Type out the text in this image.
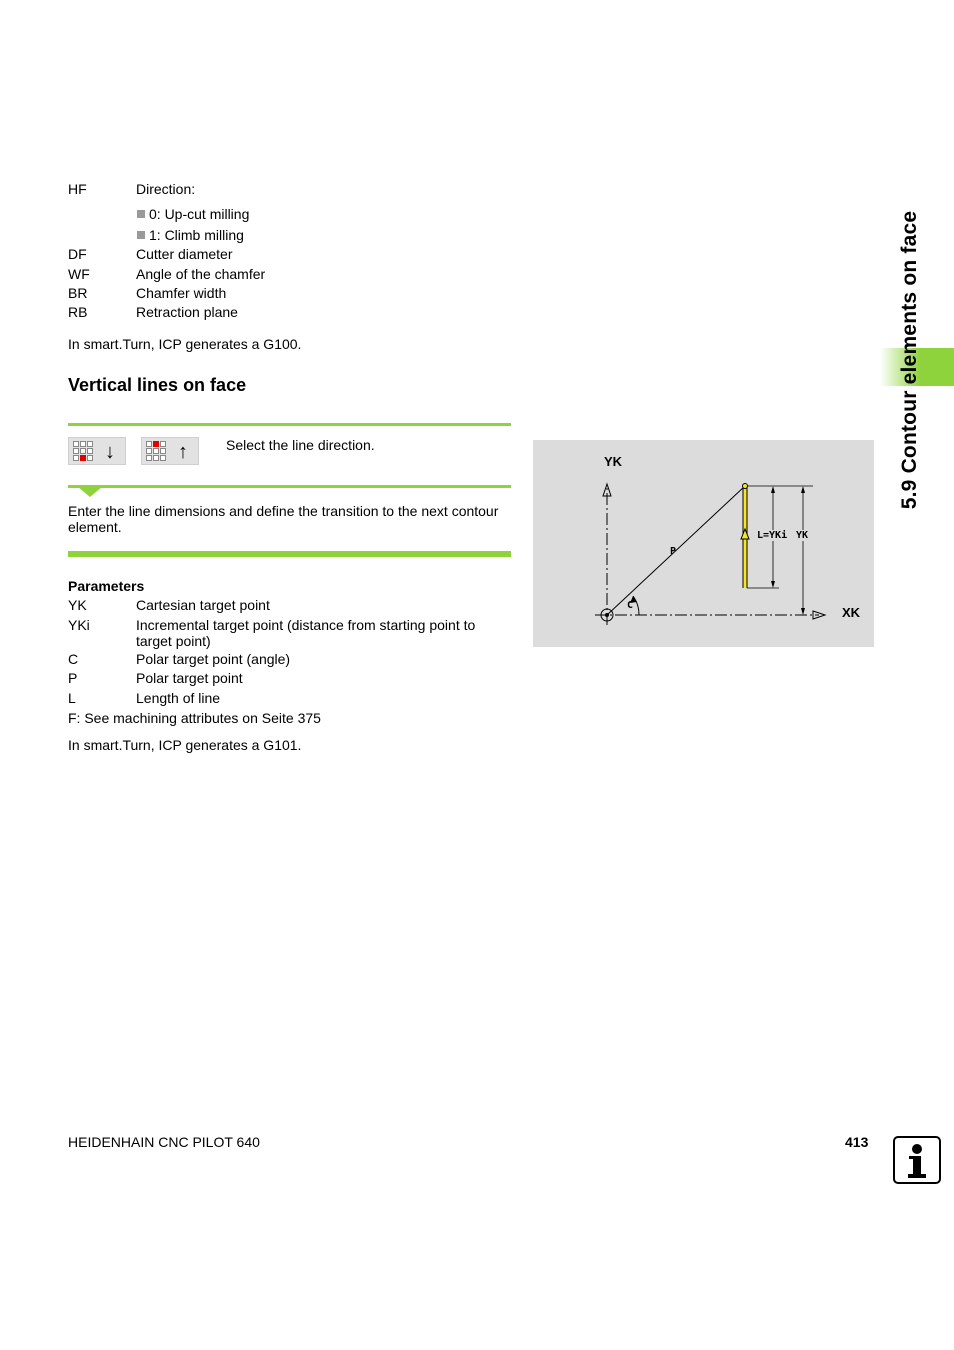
5.9 Contour elements on face
HF	Direction:
0: Up-cut milling
1: Climb milling
DF	Cutter diameter
WF	Angle of the chamfer
BR	Chamfer width
RB	Retraction plane
In smart.Turn, ICP generates a G100.
Vertical lines on face
↓	↑	Select the line direction.
Enter the line dimensions and define the transition to the next contour element.
Parameters
YK	Cartesian target point
YKi	Incremental target point (distance from starting point to target point)
C	Polar target point (angle)
P	Polar target point
L	Length of line
F: See machining attributes on Seite 375
In smart.Turn, ICP generates a G101.
YK
XK
P
C
L=YKi YK
HEIDENHAIN CNC PILOT 640	413
